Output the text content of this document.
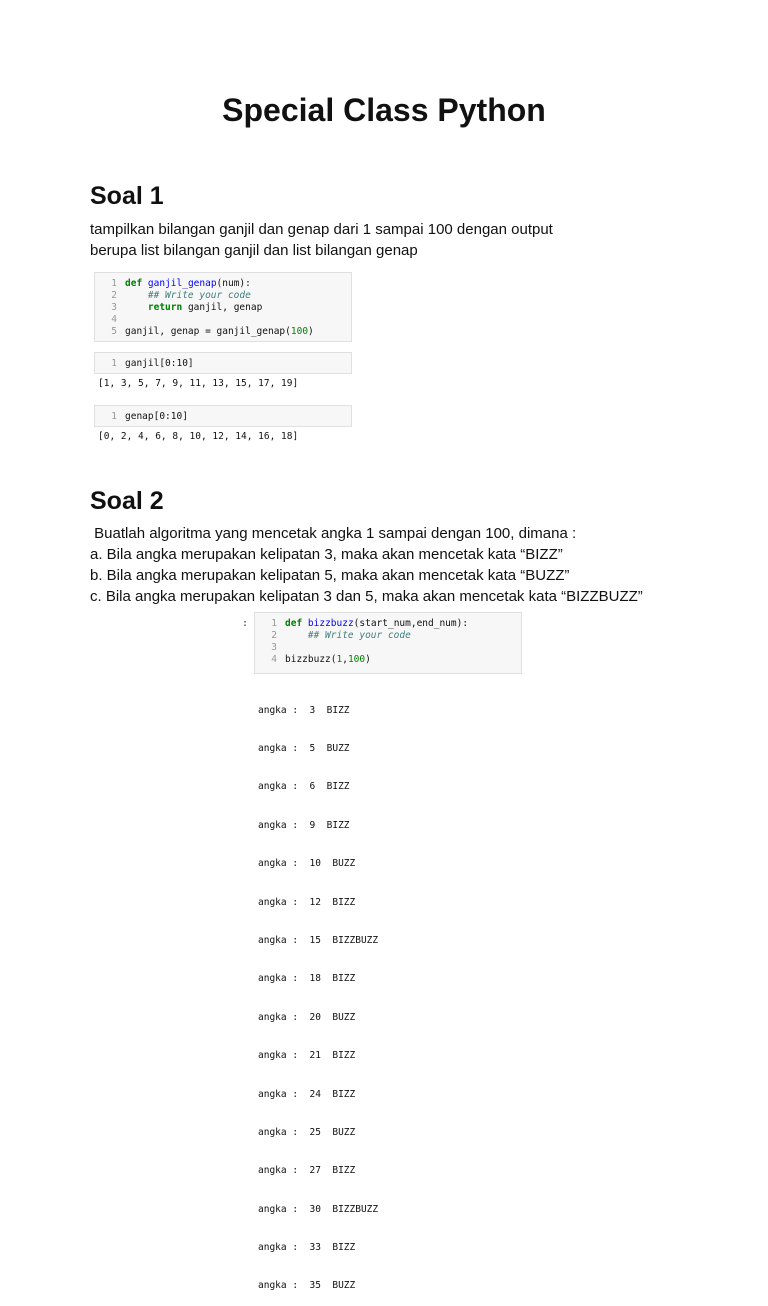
Special Class Python
Soal 1
tampilkan bilangan ganjil dan genap dari 1 sampai 100 dengan output
berupa list bilangan ganjil dan list bilangan genap
1 def ganjil_genap(num):
2 ## Write your code
3	return ganjil, genap
4
5 ganjil, genap = ganjil_genap(100)
1 ganjil[0:10]
[1, 3, 5, 7, 9, 11, 13, 15, 17, 19]
1 genap[0:10]
[0, 2, 4, 6, 8, 10, 12, 14, 16, 18]
Soal 2
Buatlah algoritma yang mencetak angka 1 sampai dengan 100, dimana :
a. Bila angka merupakan kelipatan 3, maka akan mencetak kata “BIZZ”
b. Bila angka merupakan kelipatan 5, maka akan mencetak kata “BUZZ”
c. Bila angka merupakan kelipatan 3 dan 5, maka akan mencetak kata “BIZZBUZZ”
:	1 def bizzbuzz(start_num,end_num):
2 ## Write your code
3
4 bizzbuzz(1,100)

angka :  3  BIZZ

angka :  5  BUZZ

angka :  6  BIZZ

angka :  9  BIZZ

angka :  10  BUZZ

angka :  12  BIZZ

angka :  15  BIZZBUZZ

angka :  18  BIZZ

angka :  20  BUZZ

angka :  21  BIZZ

angka :  24  BIZZ

angka :  25  BUZZ

angka :  27  BIZZ

angka :  30  BIZZBUZZ

angka :  33  BIZZ

angka :  35  BUZZ
